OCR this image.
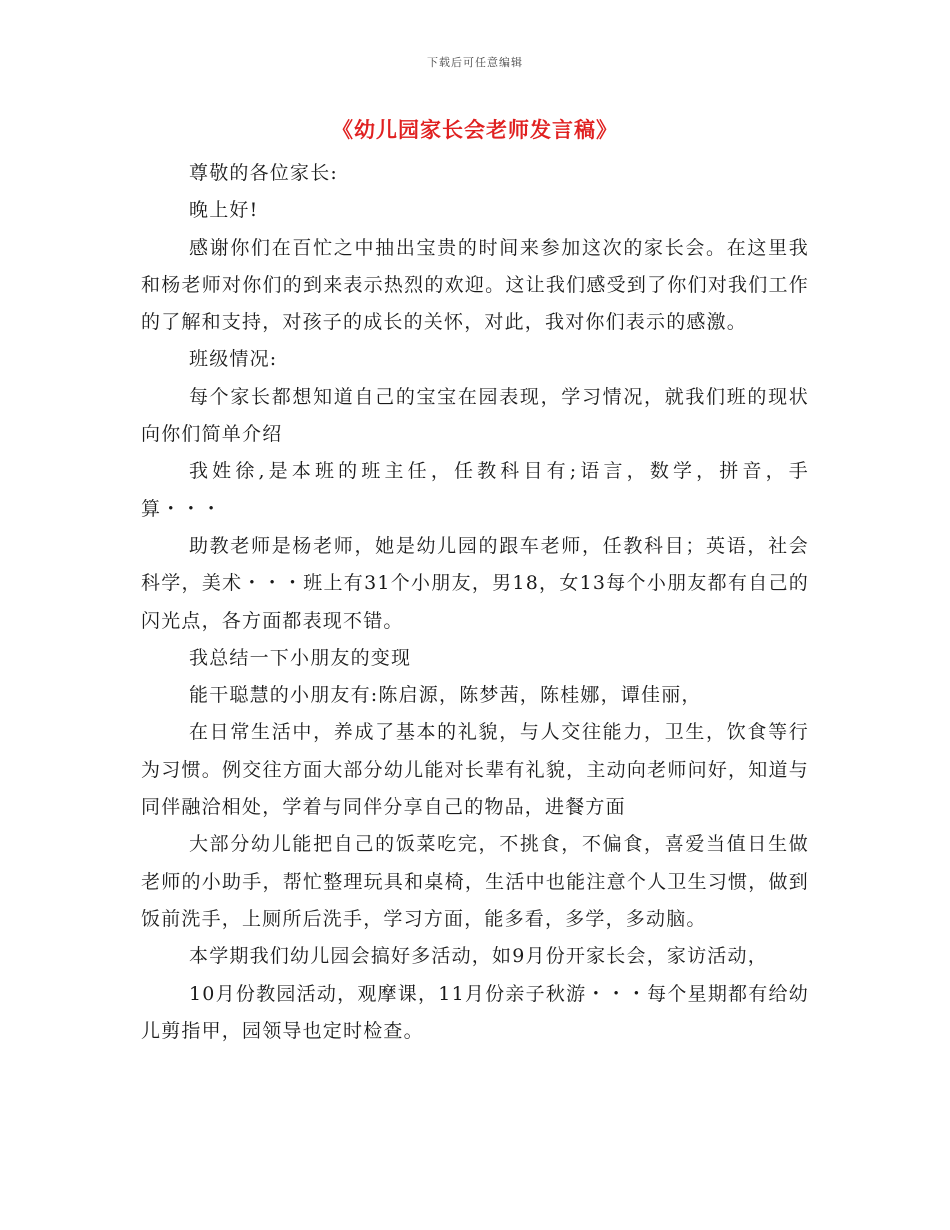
下载后可任意编辑
《幼儿园家长会老师发言稿》

尊敬的各位家长:

晚上好!

感谢你们在百忙之中抽出宝贵的时间来参加这次的家长会。在这里我和杨老师对你们的到来表示热烈的欢迎。这让我们感受到了你们对我们工作的了解和支持，对孩子的成长的关怀，对此，我对你们表示的感激。

班级情况:

每个家长都想知道自己的宝宝在园表现，学习情况，就我们班的现状向你们简单介绍

我姓徐,是本班的班主任，任教科目有;语言，数学，拼音，手算・・・

助教老师是杨老师，她是幼儿园的跟车老师，任教科目；英语，社会科学，美术・・・班上有31个小朋友，男18，女13每个小朋友都有自己的闪光点，各方面都表现不错。

我总结一下小朋友的变现

能干聪慧的小朋友有:陈启源，陈梦茜，陈桂娜，谭佳丽，

在日常生活中，养成了基本的礼貌，与人交往能力，卫生，饮食等行为习惯。例交往方面大部分幼儿能对长辈有礼貌，主动向老师问好，知道与同伴融洽相处，学着与同伴分享自己的物品，进餐方面

大部分幼儿能把自己的饭菜吃完，不挑食，不偏食，喜爱当值日生做老师的小助手，帮忙整理玩具和桌椅，生活中也能注意个人卫生习惯，做到饭前洗手，上厕所后洗手，学习方面，能多看，多学，多动脑。

本学期我们幼儿园会搞好多活动，如9月份开家长会，家访活动，

10月份教园活动，观摩课，11月份亲子秋游・・・每个星期都有给幼儿剪指甲，园领导也定时检查。
